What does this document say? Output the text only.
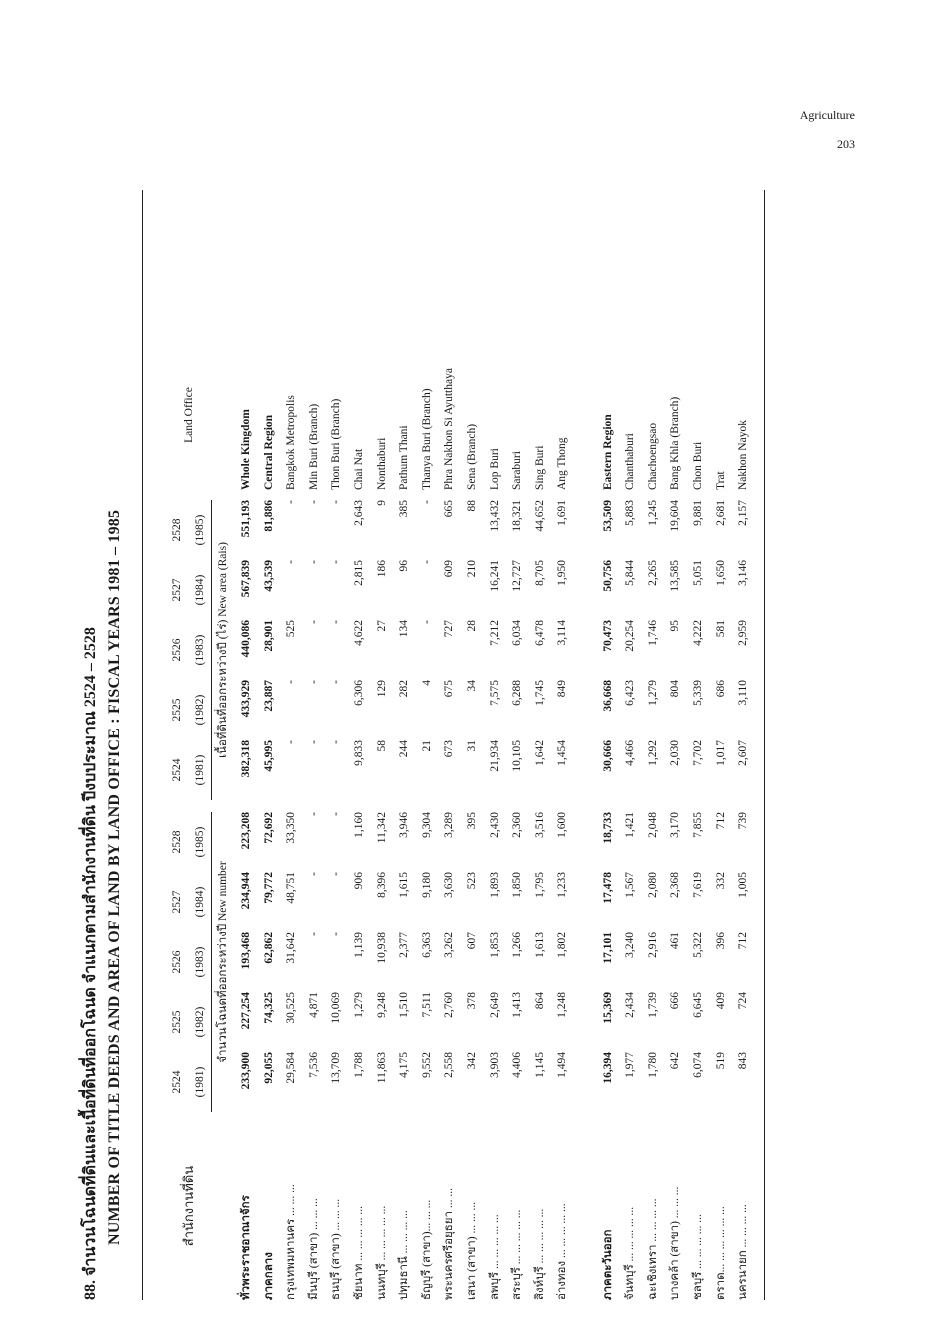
Agriculture
203
88. จำนวนโฉนดที่ดินและเนื้อที่ดินที่ออกโฉนด จำแนกตามสำนักงานที่ดิน ปีงบประมาณ 2524 – 2528 NUMBER OF TITLE DEEDS AND AREA OF LAND BY LAND OFFICE : FISCAL YEARS 1981 – 1985	สำนักงานที่ดิน	2524	2525	2526	2527	2528		2524	2525	2526	2527	2528	Land Office
	(1981)	(1982)	(1983)	(1984)	(1985)		(1981)	(1982)	(1983)	(1984)	(1985)	
	จำนวนโฉนดที่ออกระหว่างปี New number						เนื้อที่ดินที่ออกระหว่างปี (ไร่) New area (Rais)					
ทั่วพระราชอาณาจักร	233,900	227,254	193,468	234,944	223,208		382,318	433,929	440,086	567,839	551,193	Whole Kingdom
ภาคกลาง	92,055	74,325	62,862	79,772	72,692		45,995	23,887	28,901	43,539	81,886	Central Region
กรุงเทพมหานคร ... ... ...	29,584	30,525	31,642	48,751	33,350		-	-	525	-	-	Bangkok Metropolis
มีนบุรี (สาขา) ... ... ...	7,536	4,871	-	-	-		-	-	-	-	-	Min Buri (Branch)
ธนบุรี (สาขา) ... ... ...	13,709	10,069	-	-	-		-	-	-	-	-	Thon Buri (Branch)
ชัยนาท ... ... ... ... ...	1,788	1,279	1,139	906	1,160		9,833	6,306	4,622	2,815	2,643	Chai Nat
นนทบุรี ... ... ... ... ...	11,863	9,248	10,938	8,396	11,342		58	129	27	186	9	Nonthaburi
ปทุมธานี ... ... ... ...	4,175	1,510	2,377	1,615	3,946		244	282	134	96	385	Pathum Thani
ธัญบุรี (สาขา)... ... ...	9,552	7,511	6,363	9,180	9,304		21	4	-	-	-	Thanya Buri (Branch)
พระนครศรีอยุธยา ... ...	2,558	2,760	3,262	3,630	3,289		673	675	727	609	665	Phra Nakhon Si Ayutthaya
เสนา (สาขา) ... ... ...	342	378	607	523	395		31	34	28	210	88	Sena (Branch)
ลพบุรี ... ... ... ... ...	3,903	2,649	1,853	1,893	2,430		21,934	7,575	7,212	16,241	13,432	Lop Buri
สระบุรี ... ... ... ... ...	4,406	1,413	1,266	1,850	2,360		10,105	6,288	6,034	12,727	18,321	Saraburi
สิงห์บุรี ... ... ... ... ...	1,145	864	1,613	1,795	3,516		1,642	1,745	6,478	8,705	44,652	Sing Buri
อ่างทอง ... ... ... ... ...	1,494	1,248	1,802	1,233	1,600		1,454	849	3,114	1,950	1,691	Ang Thong

ภาคตะวันออก	16,394	15,369	17,101	17,478	18,733		30,666	36,668	70,473	50,756	53,509	Eastern Region
จันทบุรี ... ... ... ... ...	1,977	2,434	3,240	1,567	1,421		4,466	6,423	20,254	5,844	5,883	Chanthaburi
ฉะเชิงเทรา ... ... ... ...	1,780	1,739	2,916	2,080	2,048		1,292	1,279	1,746	2,265	1,245	Chachoengsao
บางคล้า (สาขา) ... ... ...	642	666	461	2,368	3,170		2,030	804	95	13,585	19,604	Bang Khla (Branch)
ชลบุรี ... ... ... ... ...	6,074	6,645	5,322	7,619	7,855		7,702	5,339	4,222	5,051	9,881	Chon Buri
ตราด... ... ... ... ... ...	519	409	396	332	712		1,017	686	581	1,650	2,681	Trat
นครนายก ... ... ... ...	843	724	712	1,005	739		2,607	3,110	2,959	3,146	2,157	Nakhon Nayok
